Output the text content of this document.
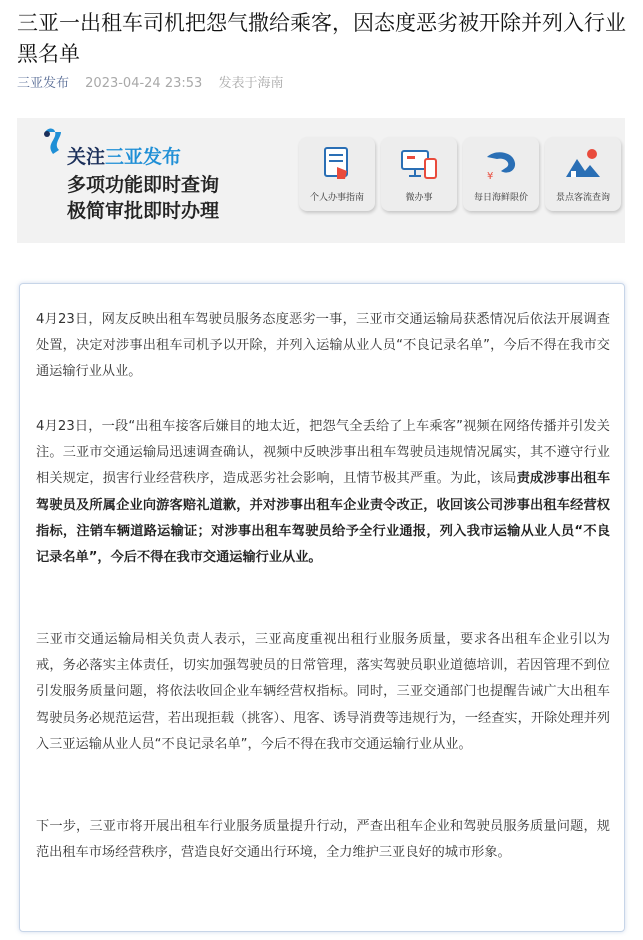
三亚一出租车司机把怨气撒给乘客，因态度恶劣被开除并列入行业黑名单
三亚发布 2023-04-24 23:53 发表于海南
关注三亚发布
多项功能即时查询
极简审批即时办理
个人办事指南	微办事
¥
每日海鲜限价	景点客流查询

4月23日，网友反映出租车驾驶员服务态度恶劣一事，三亚市交通运输局获悉情况后依法开展调查处置，决定对涉事出租车司机予以开除，并列入运输从业人员“不良记录名单”，今后不得在我市交通运输行业从业。

4月23日，一段“出租车接客后嫌目的地太近，把怨气全丢给了上车乘客”视频在网络传播并引发关注。三亚市交通运输局迅速调查确认，视频中反映涉事出租车驾驶员违规情况属实，其不遵守行业相关规定，损害行业经营秩序，造成恶劣社会影响，且情节极其严重。为此，该局责成涉事出租车驾驶员及所属企业向游客赔礼道歉，并对涉事出租车企业责令改正，收回该公司涉事出租车经营权指标，注销车辆道路运输证；对涉事出租车驾驶员给予全行业通报，列入我市运输从业人员“不良记录名单”，今后不得在我市交通运输行业从业。

三亚市交通运输局相关负责人表示，三亚高度重视出租行业服务质量，要求各出租车企业引以为戒，务必落实主体责任，切实加强驾驶员的日常管理，落实驾驶员职业道德培训，若因管理不到位引发服务质量问题，将依法收回企业车辆经营权指标。同时，三亚交通部门也提醒告诫广大出租车驾驶员务必规范运营，若出现拒载（挑客）、甩客、诱导消费等违规行为，一经查实，开除处理并列入三亚运输从业人员“不良记录名单”，今后不得在我市交通运输行业从业。

下一步，三亚市将开展出租车行业服务质量提升行动，严查出租车企业和驾驶员服务质量问题，规范出租车市场经营秩序，营造良好交通出行环境，全力维护三亚良好的城市形象。
